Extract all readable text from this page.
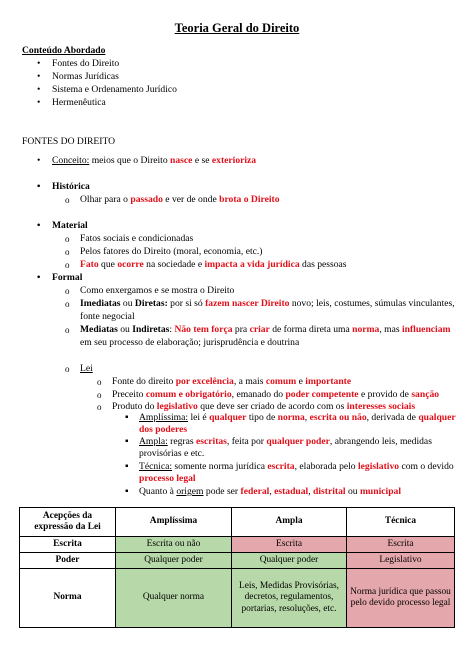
Teoria Geral do Direito
Conteúdo Abordado
• Fontes do Direito
• Normas Jurídicas
• Sistema e Ordenamento Jurídico
• Hermenêutica
FONTES DO DIREITO
• Conceito: meios que o Direito nasce e se exterioriza
• Histórica
o Olhar para o passado e ver de onde brota o Direito
• Material
o Fatos sociais e condicionadas
o Pelos fatores do Direito (moral, economia, etc.)
o Fato que ocorre na sociedade e impacta a vida jurídica das pessoas
• Formal
o Como enxergamos e se mostra o Direito
o Imediatas ou Diretas: por si só fazem nascer Direito novo; leis, costumes, súmulas vinculantes,
fonte negocial
o Mediatas ou Indiretas: Não tem força pra criar de forma direta uma norma, mas influenciam
em seu processo de elaboração; jurisprudência e doutrina
o Lei
o Fonte do direito por excelência, a mais comum e importante
o Preceito comum e obrigatório, emanado do poder competente e provido de sanção
o Produto do legislativo que deve ser criado de acordo com os interesses sociais
▪ Amplíssima: lei é qualquer tipo de norma, escrita ou não, derivada de qualquer
dos poderes
▪ Ampla: regras escritas, feita por qualquer poder, abrangendo leis, medidas
provisórias e etc.
▪ Técnica: somente norma jurídica escrita, elaborada pelo legislativo com o devido
processo legal
▪ Quanto à origem pode ser federal, estadual, distrital ou municipal
Acepções da expressão da Lei	Amplíssima	Ampla	Técnica
Escrita	Escrita ou não	Escrita	Escrita
Poder	Qualquer poder	Qualquer poder	Legislativo
Norma	Qualquer norma	Leis, Medidas Provisórias, decretos, regulamentos, portarias, resoluções, etc.	Norma jurídica que passou pelo devido processo legal
